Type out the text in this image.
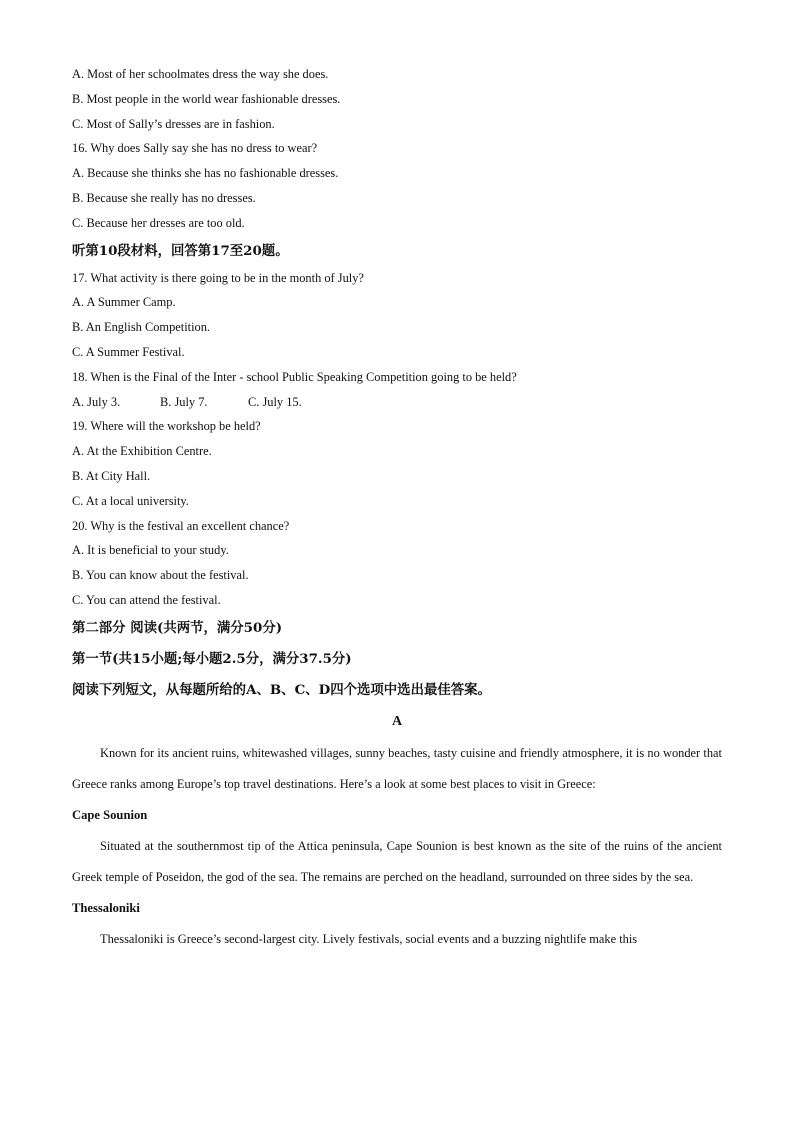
A. Most of her schoolmates dress the way she does.
B. Most people in the world wear fashionable dresses.
C. Most of Sally’s dresses are in fashion.
16. Why does Sally say she has no dress to wear?
A. Because she thinks she has no fashionable dresses.
B. Because she really has no dresses.
C. Because her dresses are too old.
听第10段材料，回答第17至20题。
17. What activity is there going to be in the month of July?
A. A Summer Camp.
B. An English Competition.
C. A Summer Festival.
18. When is the Final of the Inter - school Public Speaking Competition going to be held?
A. July 3.	B. July 7.	C. July 15.
19. Where will the workshop be held?
A. At the Exhibition Centre.
B. At City Hall.
C. At a local university.
20. Why is the festival an excellent chance?
A. It is beneficial to your study.
B. You can know about the festival.
C. You can attend the festival.
第二部分 阅读(共两节，满分50分)
第一节(共15小题;每小题2.5分，满分37.5分)
阅读下列短文，从每题所给的A、B、C、D四个选项中选出最佳答案。
A

Known for its ancient ruins, whitewashed villages, sunny beaches, tasty cuisine and friendly atmosphere, it is no wonder that Greece ranks among Europe’s top travel destinations. Here’s a look at some best places to visit in Greece:

Cape Sounion

Situated at the southernmost tip of the Attica peninsula, Cape Sounion is best known as the site of the ruins of the ancient Greek temple of Poseidon, the god of the sea. The remains are perched on the headland, surrounded on three sides by the sea.

Thessaloniki

Thessaloniki is Greece’s second-largest city. Lively festivals, social events and a buzzing nightlife make this
